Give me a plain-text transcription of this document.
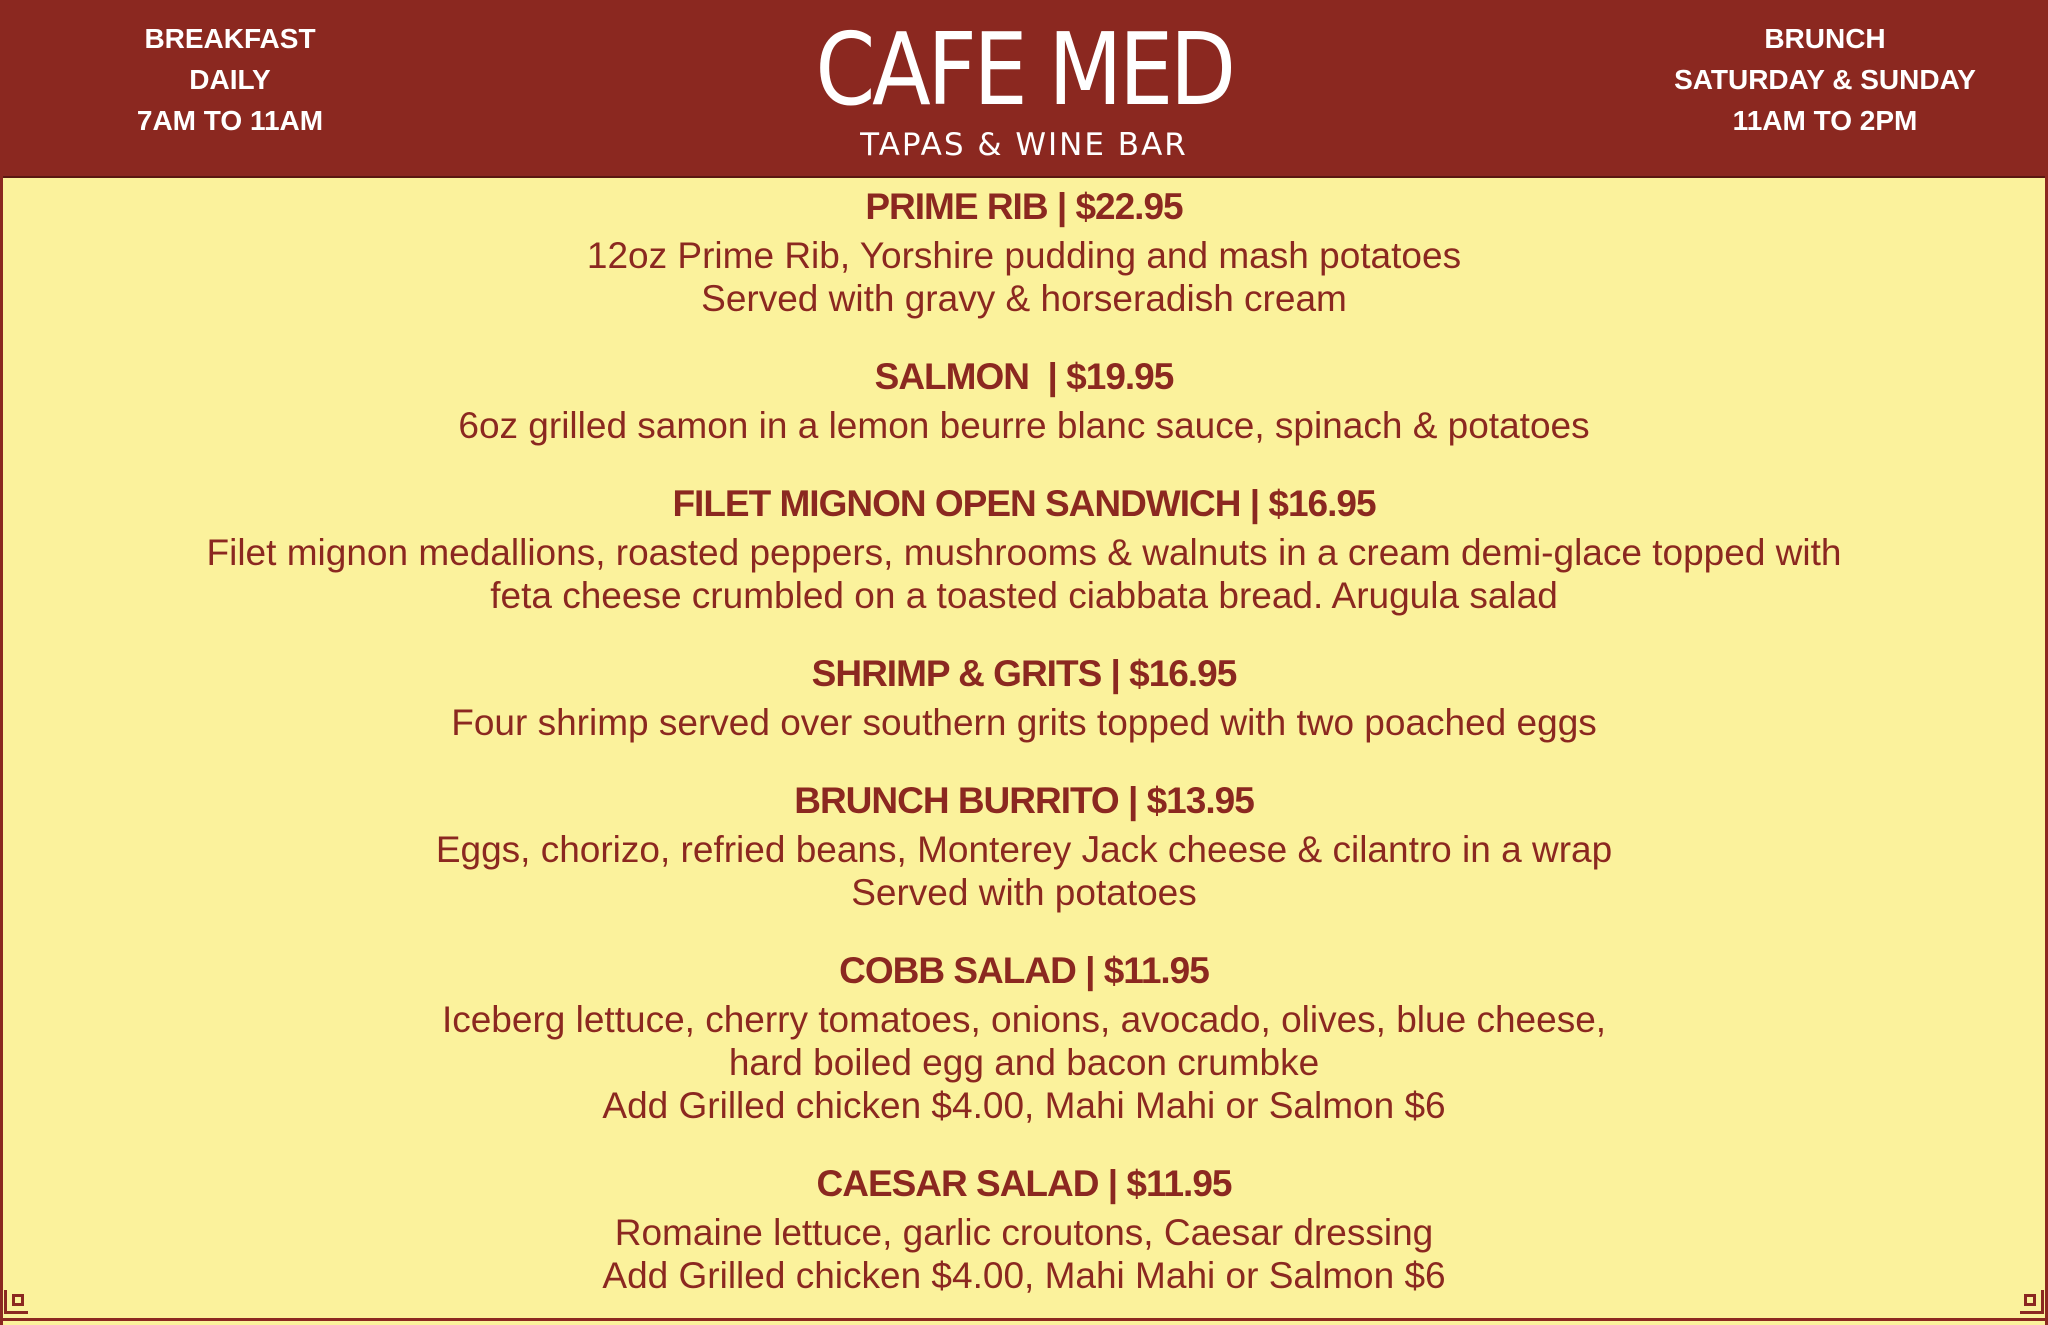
BREAKFAST
DAILY
7AM TO 11AM	CAFE MED
TAPAS & WINE BAR
BRUNCH
SATURDAY & SUNDAY
11AM TO 2PM
PRIME RIB | $22.95
12oz Prime Rib, Yorshire pudding and mash potatoes
Served with gravy & horseradish cream
SALMON  | $19.95
6oz grilled samon in a lemon beurre blanc sauce, spinach & potatoes
FILET MIGNON OPEN SANDWICH | $16.95
Filet mignon medallions, roasted peppers, mushrooms & walnuts in a cream demi-glace topped with
feta cheese crumbled on a toasted ciabbata bread. Arugula salad
SHRIMP & GRITS | $16.95
Four shrimp served over southern grits topped with two poached eggs
BRUNCH BURRITO | $13.95
Eggs, chorizo, refried beans, Monterey Jack cheese & cilantro in a wrap
Served with potatoes
COBB SALAD | $11.95
Iceberg lettuce, cherry tomatoes, onions, avocado, olives, blue cheese,
hard boiled egg and bacon crumbke
Add Grilled chicken $4.00, Mahi Mahi or Salmon $6
CAESAR SALAD | $11.95
Romaine lettuce, garlic croutons, Caesar dressing
Add Grilled chicken $4.00, Mahi Mahi or Salmon $6
